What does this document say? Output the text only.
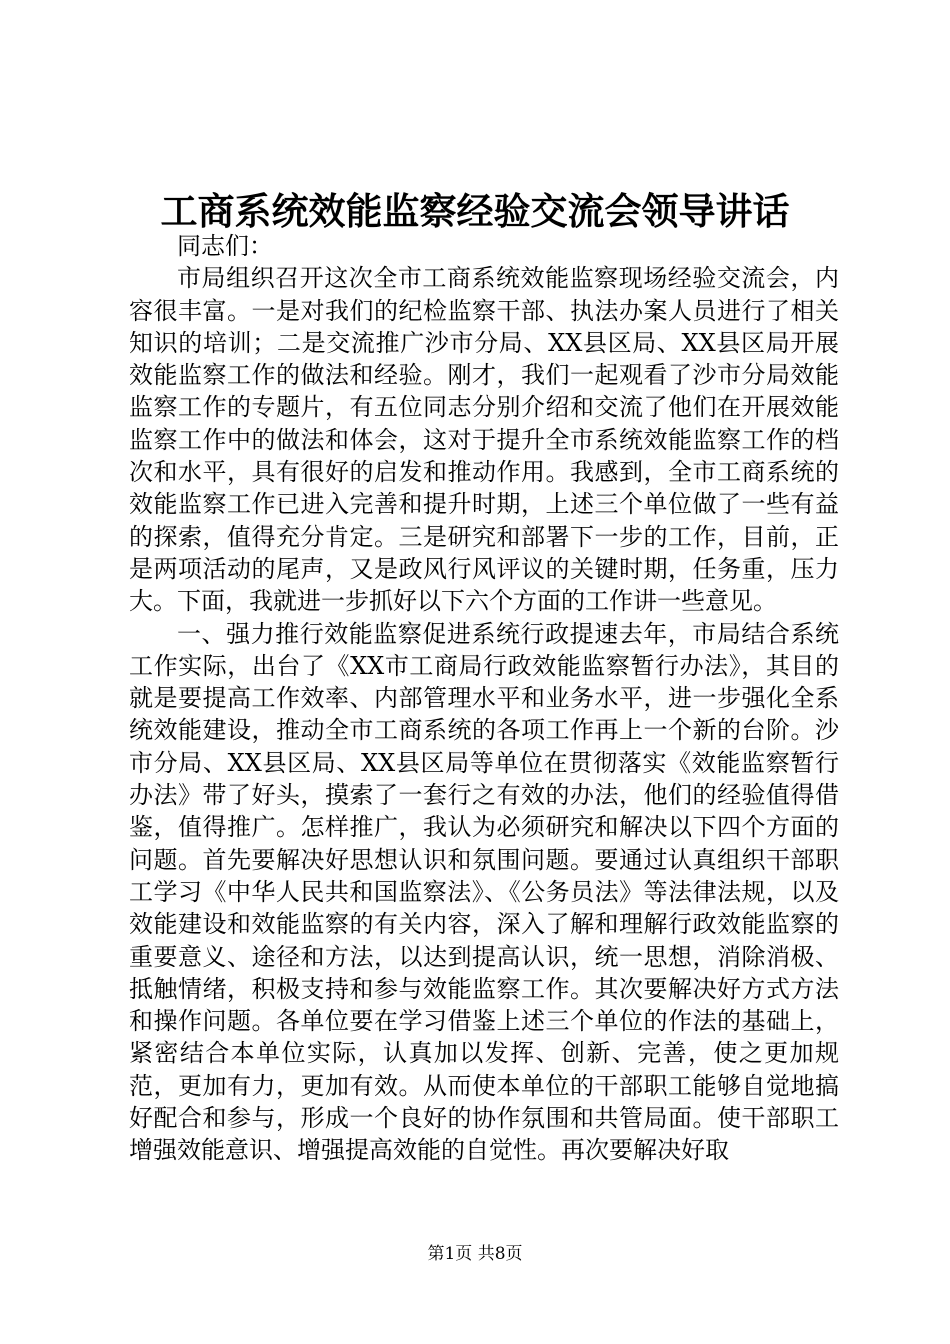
工商系统效能监察经验交流会领导讲话

同志们：

市局组织召开这次全市工商系统效能监察现场经验交流会，内容很丰富。一是对我们的纪检监察干部、执法办案人员进行了相关知识的培训；二是交流推广沙市分局、XX县区局、XX县区局开展效能监察工作的做法和经验。刚才，我们一起观看了沙市分局效能监察工作的专题片，有五位同志分别介绍和交流了他们在开展效能监察工作中的做法和体会，这对于提升全市系统效能监察工作的档次和水平，具有很好的启发和推动作用。我感到，全市工商系统的效能监察工作已进入完善和提升时期，上述三个单位做了一些有益的探索，值得充分肯定。三是研究和部署下一步的工作，目前，正是两项活动的尾声，又是政风行风评议的关键时期，任务重，压力大。下面，我就进一步抓好以下六个方面的工作讲一些意见。

一、强力推行效能监察促进系统行政提速去年，市局结合系统工作实际，出台了《XX市工商局行政效能监察暂行办法》，其目的就是要提高工作效率、内部管理水平和业务水平，进一步强化全系统效能建设，推动全市工商系统的各项工作再上一个新的台阶。沙市分局、XX县区局、XX县区局等单位在贯彻落实《效能监察暂行办法》带了好头，摸索了一套行之有效的办法，他们的经验值得借鉴，值得推广。怎样推广，我认为必须研究和解决以下四个方面的问题。首先要解决好思想认识和氛围问题。要通过认真组织干部职工学习《中华人民共和国监察法》、《公务员法》等法律法规，以及效能建设和效能监察的有关内容，深入了解和理解行政效能监察的重要意义、途径和方法，以达到提高认识，统一思想，消除消极、抵触情绪，积极支持和参与效能监察工作。其次要解决好方式方法和操作问题。各单位要在学习借鉴上述三个单位的作法的基础上，紧密结合本单位实际，认真加以发挥、创新、完善，使之更加规范，更加有力，更加有效。从而使本单位的干部职工能够自觉地搞好配合和参与，形成一个良好的协作氛围和共管局面。使干部职工增强效能意识、增强提高效能的自觉性。再次要解决好取

第1页 共8页
